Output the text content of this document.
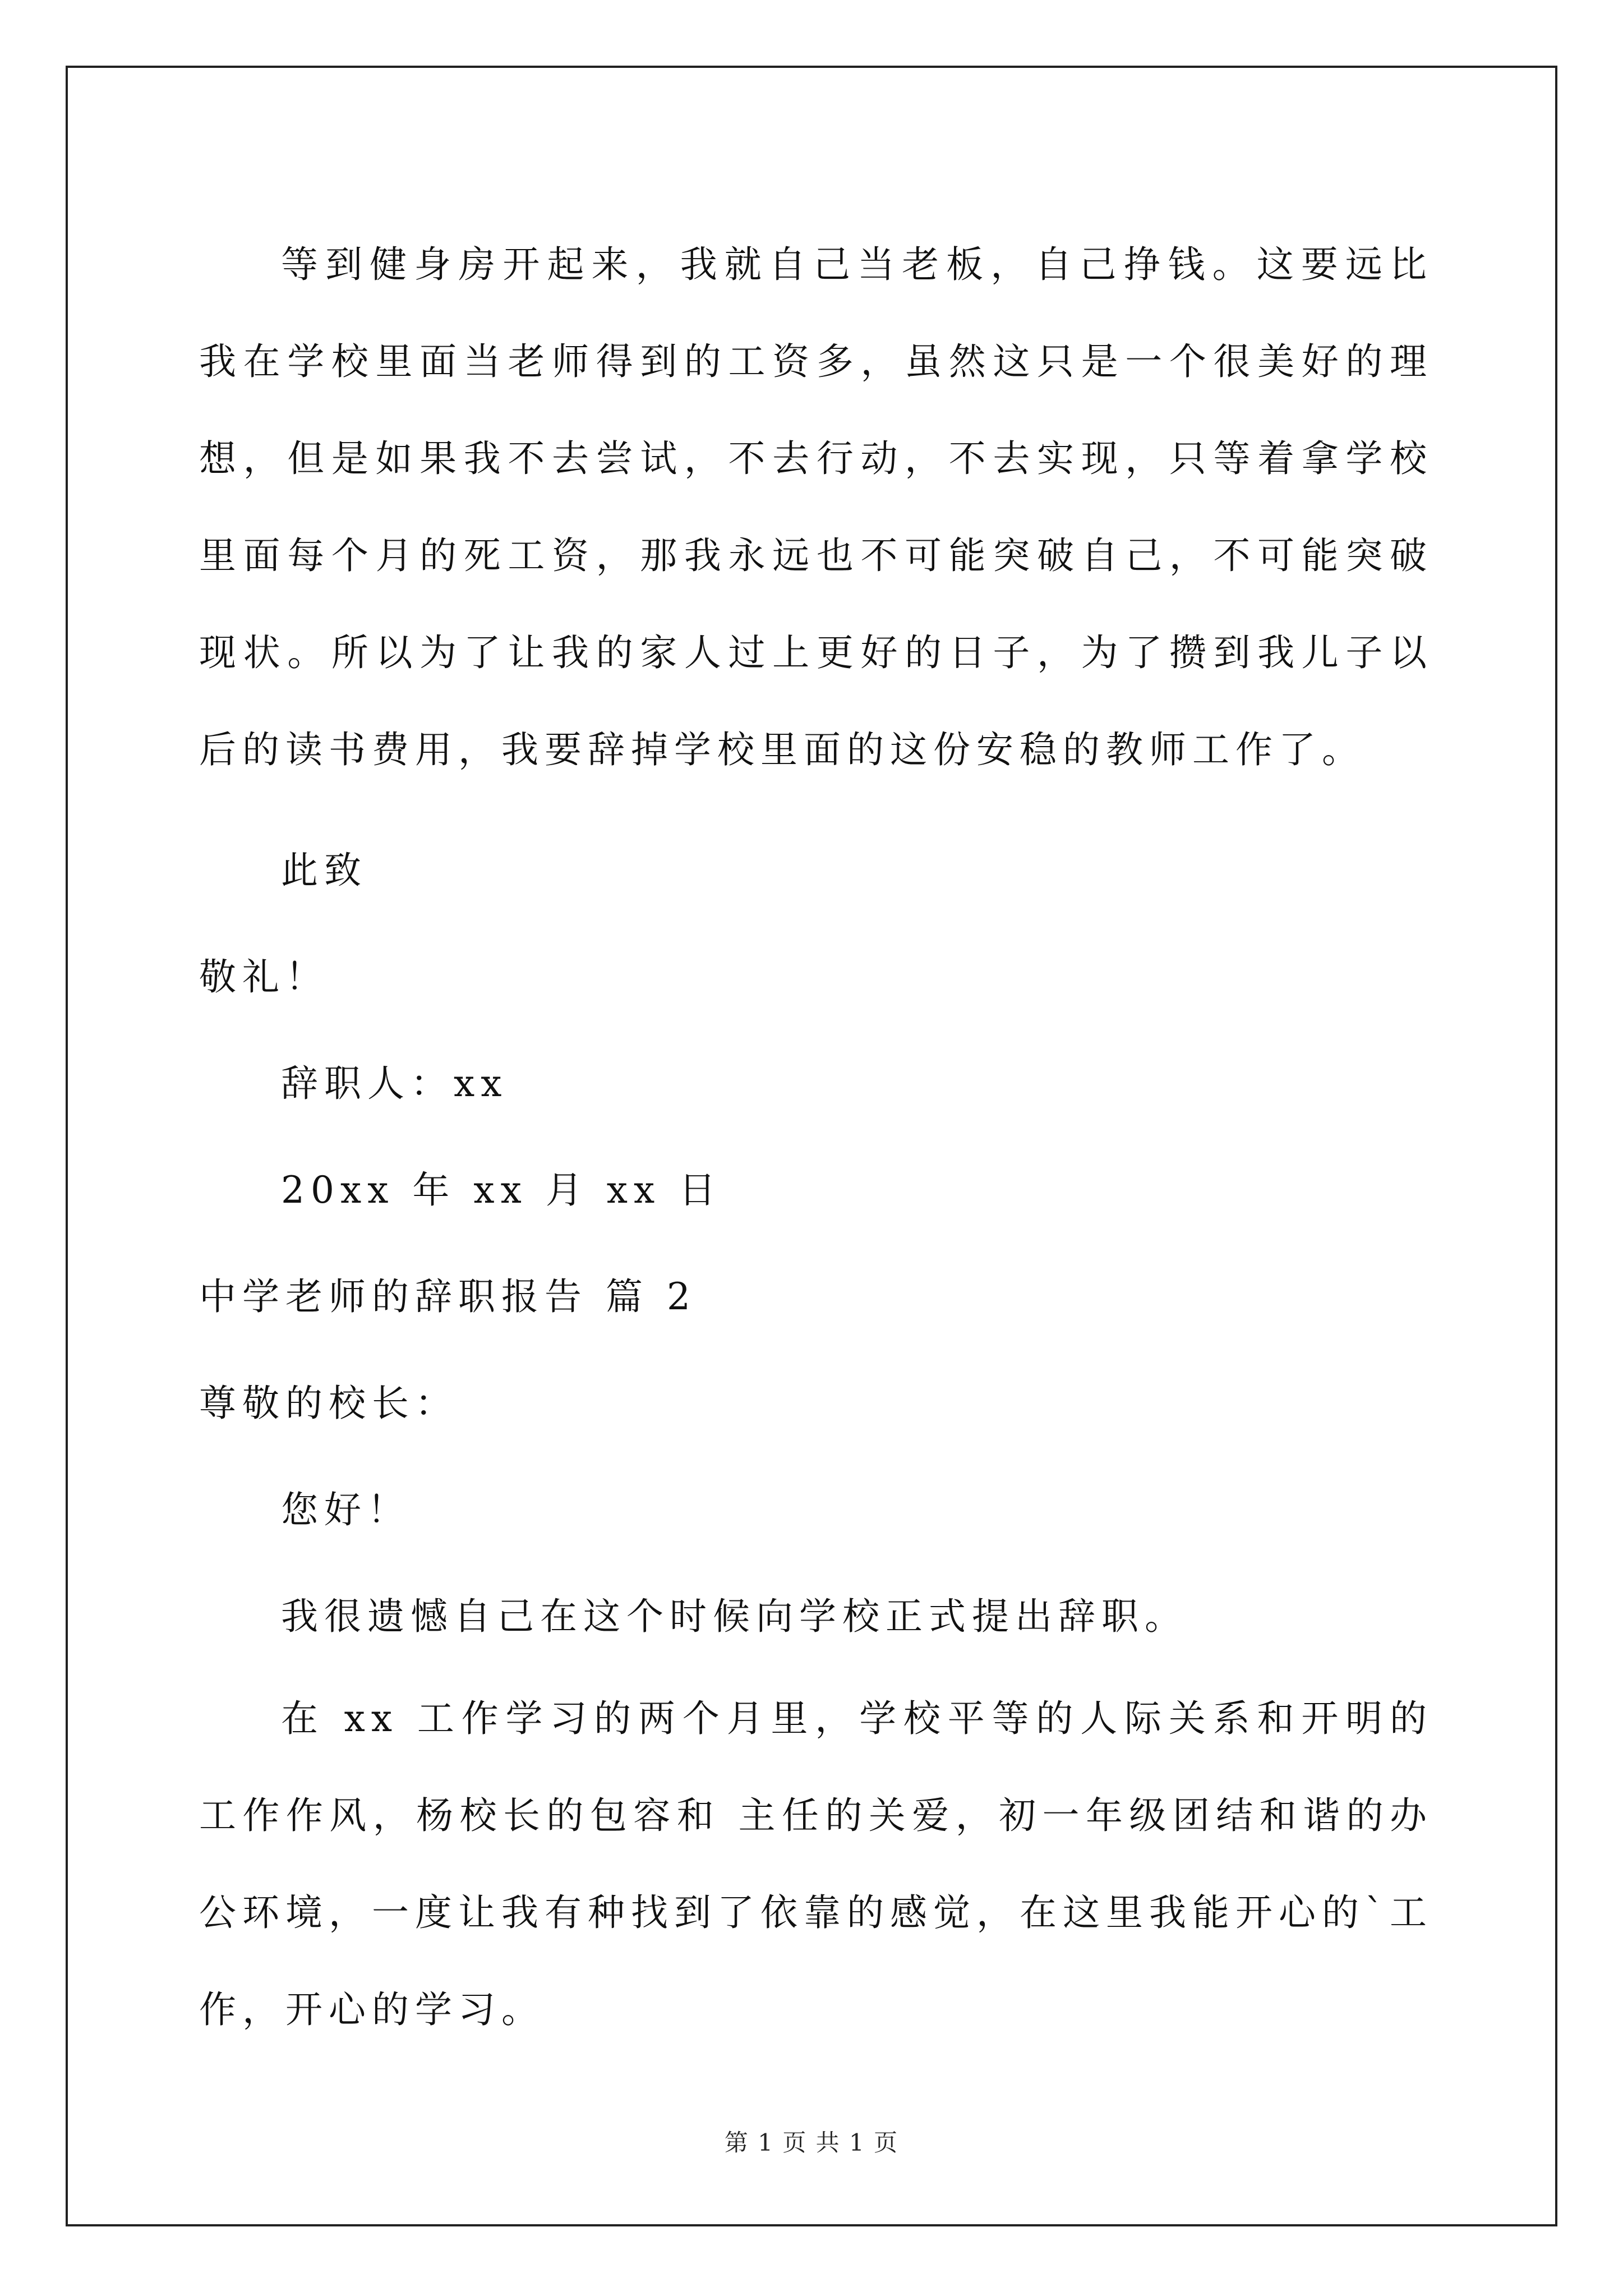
等到健身房开起来，我就自己当老板，自己挣钱。这要远比我在学校里面当老师得到的工资多，虽然这只是一个很美好的理想，但是如果我不去尝试，不去行动，不去实现，只等着拿学校里面每个月的死工资，那我永远也不可能突破自己，不可能突破现状。所以为了让我的家人过上更好的日子，为了攒到我儿子以后的读书费用，我要辞掉学校里面的这份安稳的教师工作了。

此致
敬礼！
辞职人：xx
20xx 年 xx 月 xx 日
中学老师的辞职报告 篇 2
尊敬的校长：
您好！
我很遗憾自己在这个时候向学校正式提出辞职。

在 xx 工作学习的两个月里，学校平等的人际关系和开明的工作作风，杨校长的包容和 主任的关爱，初一年级团结和谐的办公环境，一度让我有种找到了依靠的感觉，在这里我能开心的`工作，开心的学习。

第 1 页 共 1 页
